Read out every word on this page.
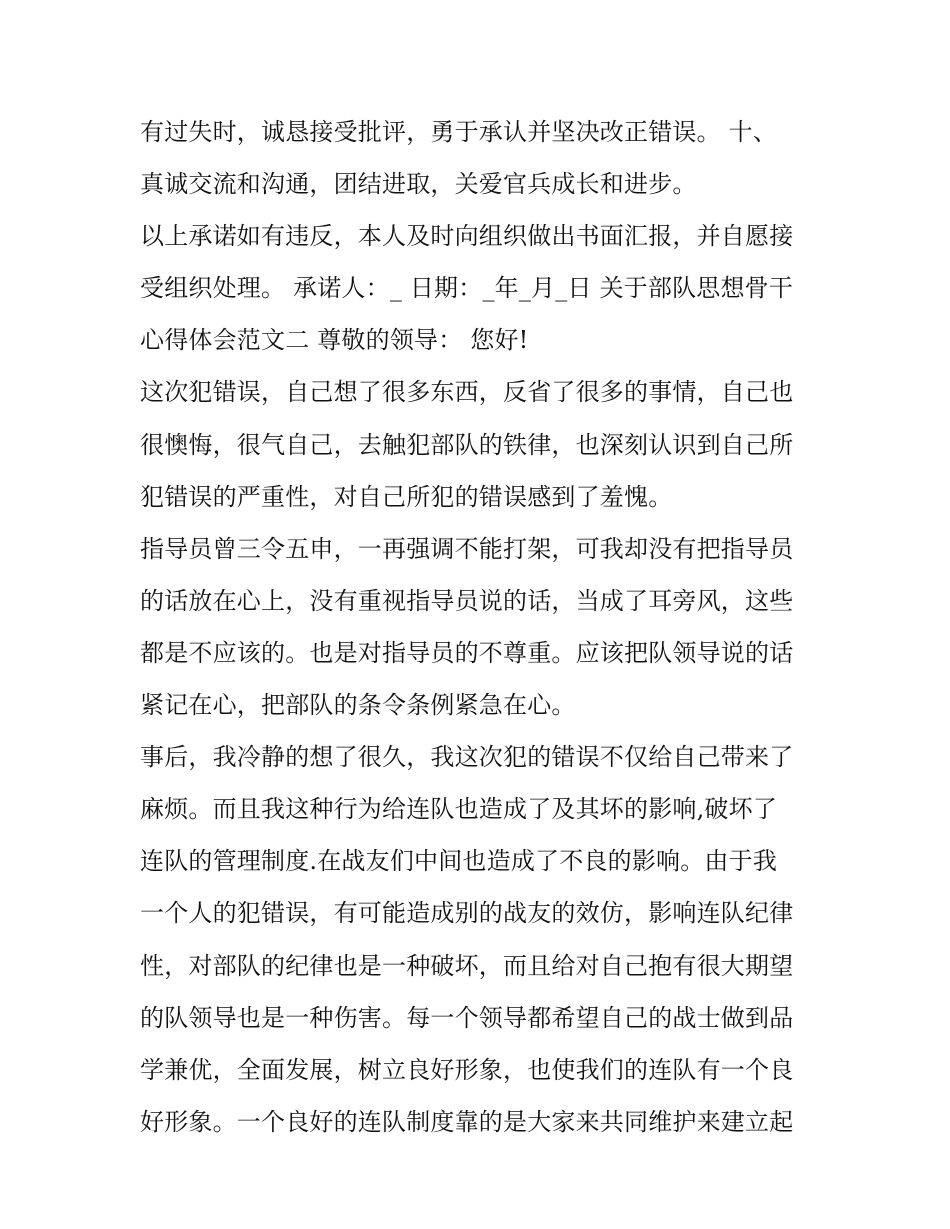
有过失时，诚恳接受批评，勇于承认并坚决改正错误。 十、
真诚交流和沟通，团结进取，关爱官兵成长和进步。
以上承诺如有违反，本人及时向组织做出书面汇报，并自愿接
受组织处理。 承诺人：_ 日期：_年_月_日 关于部队思想骨干
心得体会范文二 尊敬的领导： 您好!
这次犯错误，自己想了很多东西，反省了很多的事情，自己也
很懊悔，很气自己，去触犯部队的铁律，也深刻认识到自己所
犯错误的严重性，对自己所犯的错误感到了羞愧。
指导员曾三令五申，一再强调不能打架，可我却没有把指导员
的话放在心上，没有重视指导员说的话，当成了耳旁风，这些
都是不应该的。也是对指导员的不尊重。应该把队领导说的话
紧记在心，把部队的条令条例紧急在心。
事后，我冷静的想了很久，我这次犯的错误不仅给自己带来了
麻烦。而且我这种行为给连队也造成了及其坏的影响,破坏了
连队的管理制度.在战友们中间也造成了不良的影响。由于我
一个人的犯错误，有可能造成别的战友的效仿，影响连队纪律
性，对部队的纪律也是一种破坏，而且给对自己抱有很大期望
的队领导也是一种伤害。每一个领导都希望自己的战士做到品
学兼优，全面发展，树立良好形象，也使我们的连队有一个良
好形象。一个良好的连队制度靠的是大家来共同维护来建立起
